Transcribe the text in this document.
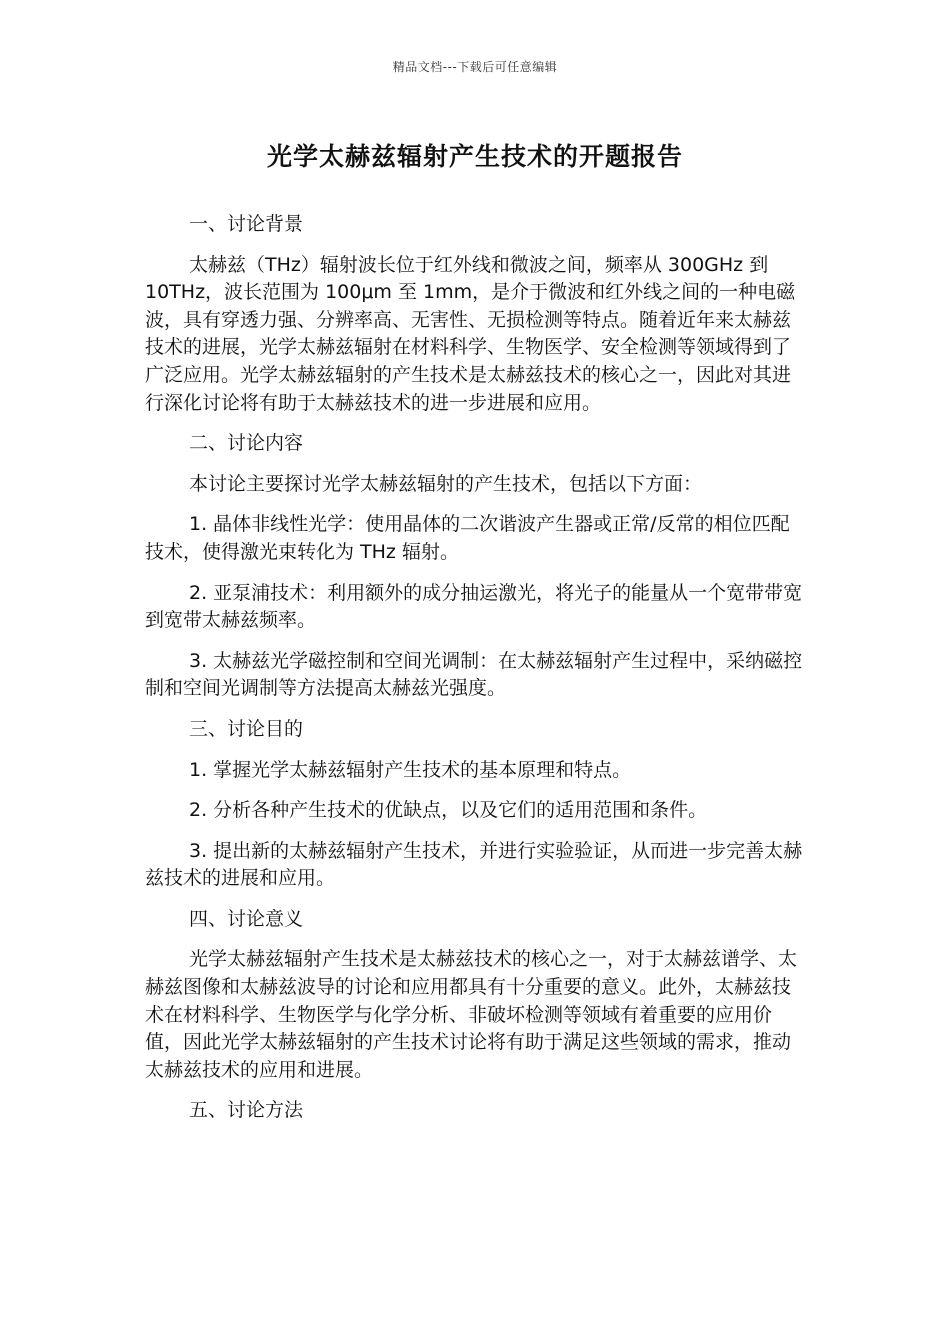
精品文档---下载后可任意编辑
光学太赫兹辐射产生技术的开题报告

一、讨论背景

太赫兹（THz）辐射波长位于红外线和微波之间，频率从 300GHz 到 10THz，波长范围为 100μm 至 1mm，是介于微波和红外线之间的一种电磁波，具有穿透力强、分辨率高、无害性、无损检测等特点。随着近年来太赫兹技术的进展，光学太赫兹辐射在材料科学、生物医学、安全检测等领域得到了广泛应用。光学太赫兹辐射的产生技术是太赫兹技术的核心之一，因此对其进行深化讨论将有助于太赫兹技术的进一步进展和应用。

二、讨论内容

本讨论主要探讨光学太赫兹辐射的产生技术，包括以下方面：

1. 晶体非线性光学：使用晶体的二次谐波产生器或正常/反常的相位匹配技术，使得激光束转化为 THz 辐射。

2. 亚泵浦技术：利用额外的成分抽运激光，将光子的能量从一个宽带带宽到宽带太赫兹频率。

3. 太赫兹光学磁控制和空间光调制：在太赫兹辐射产生过程中，采纳磁控制和空间光调制等方法提高太赫兹光强度。

三、讨论目的

1. 掌握光学太赫兹辐射产生技术的基本原理和特点。

2. 分析各种产生技术的优缺点，以及它们的适用范围和条件。

3. 提出新的太赫兹辐射产生技术，并进行实验验证，从而进一步完善太赫兹技术的进展和应用。

四、讨论意义

光学太赫兹辐射产生技术是太赫兹技术的核心之一，对于太赫兹谱学、太赫兹图像和太赫兹波导的讨论和应用都具有十分重要的意义。此外，太赫兹技术在材料科学、生物医学与化学分析、非破坏检测等领域有着重要的应用价值，因此光学太赫兹辐射的产生技术讨论将有助于满足这些领域的需求，推动太赫兹技术的应用和进展。

五、讨论方法
